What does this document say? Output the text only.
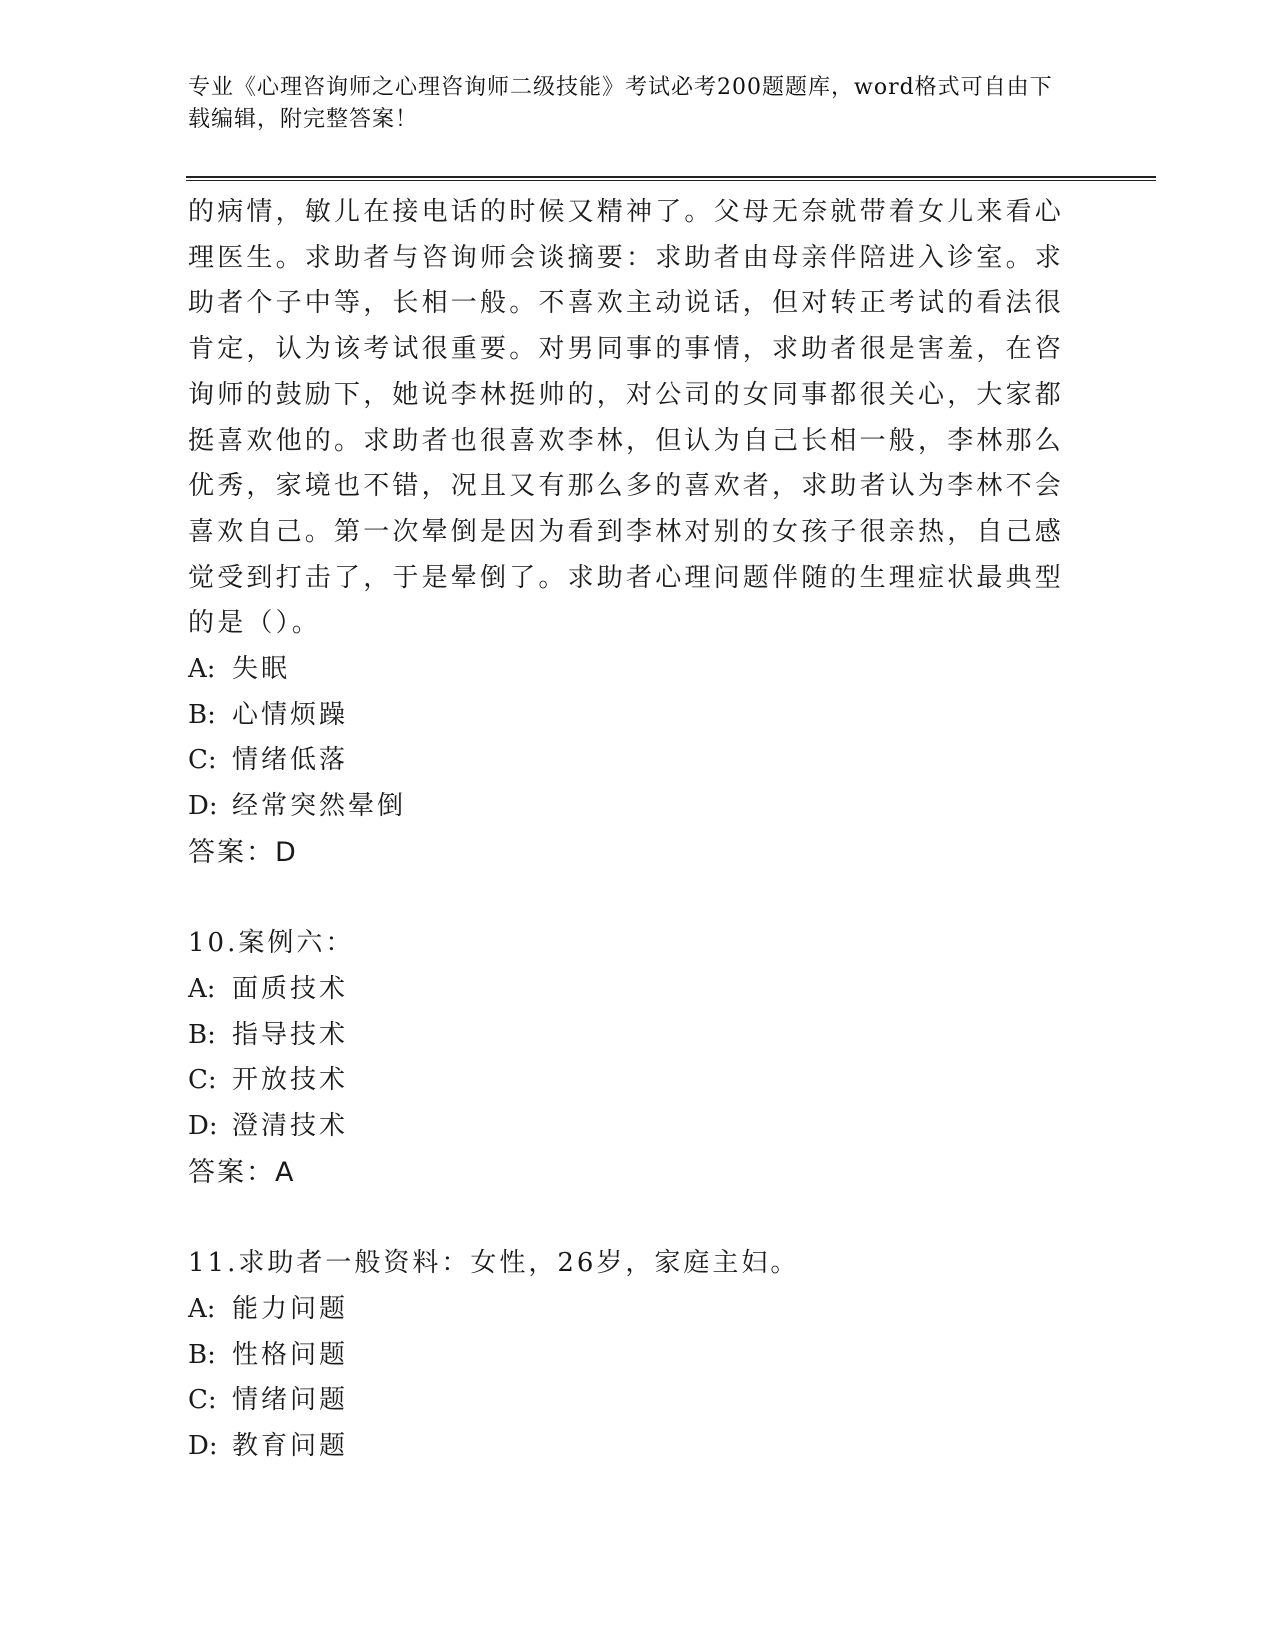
专业《心理咨询师之心理咨询师二级技能》考试必考200题题库，word格式可自由下载编辑，附完整答案！

的病情，敏儿在接电话的时候又精神了。父母无奈就带着女儿来看心理医生。求助者与咨询师会谈摘要：求助者由母亲伴陪进入诊室。求助者个子中等，长相一般。不喜欢主动说话，但对转正考试的看法很肯定，认为该考试很重要。对男同事的事情，求助者很是害羞，在咨询师的鼓励下，她说李林挺帅的，对公司的女同事都很关心，大家都挺喜欢他的。求助者也很喜欢李林，但认为自己长相一般，李林那么优秀，家境也不错，况且又有那么多的喜欢者，求助者认为李林不会喜欢自己。第一次晕倒是因为看到李林对别的女孩子很亲热，自己感觉受到打击了，于是晕倒了。求助者心理问题伴随的生理症状最典型的是（）。

A: 失眠

B: 心情烦躁

C: 情绪低落

D: 经常突然晕倒

答案：D

10.案例六：

A: 面质技术

B: 指导技术

C: 开放技术

D: 澄清技术

答案：A

11.求助者一般资料：女性，26岁，家庭主妇。

A: 能力问题

B: 性格问题

C: 情绪问题

D: 教育问题
